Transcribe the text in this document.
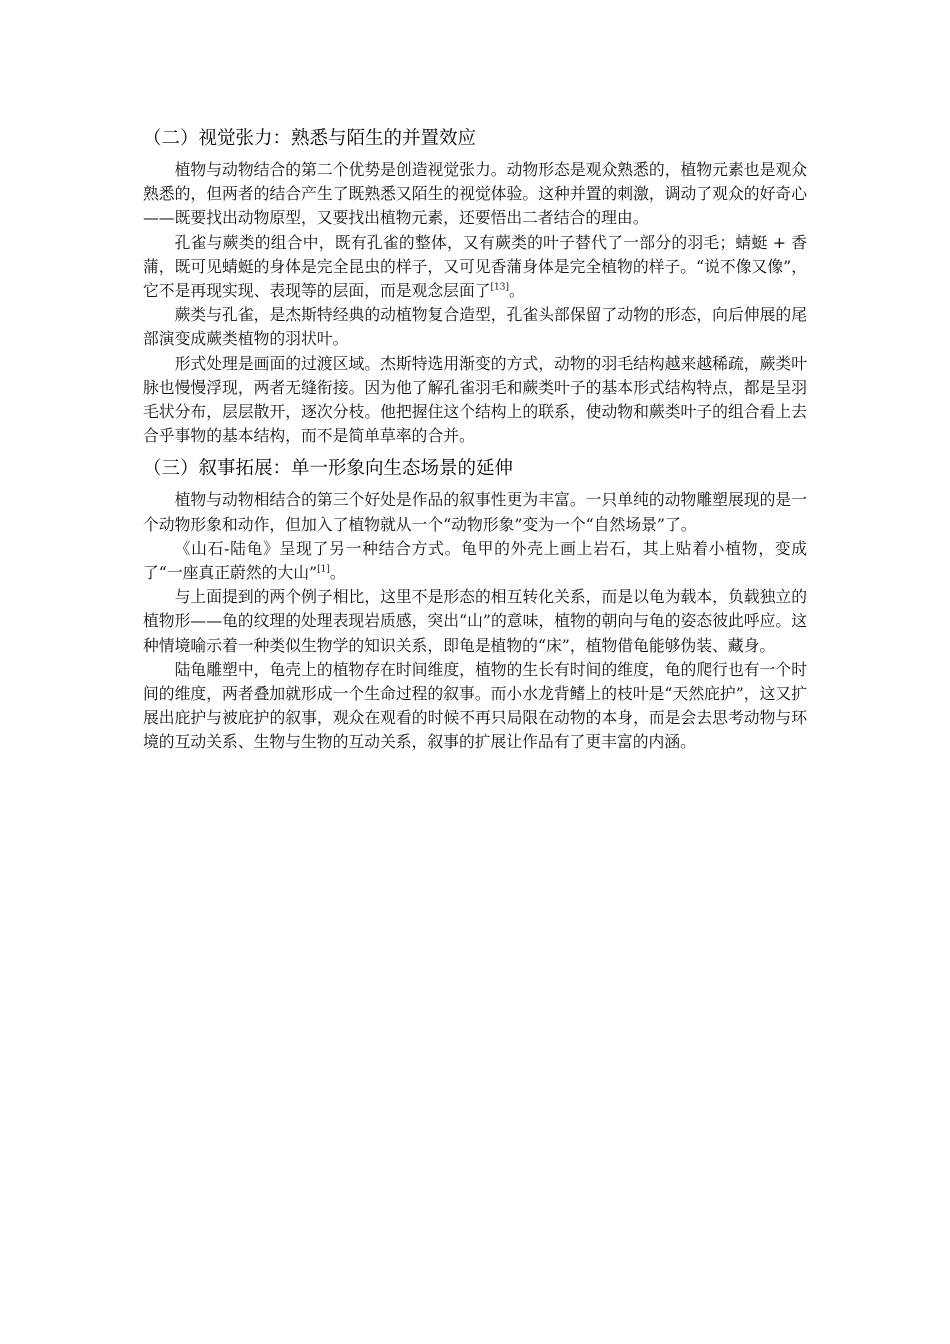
（二）视觉张力：熟悉与陌生的并置效应

植物与动物结合的第二个优势是创造视觉张力。动物形态是观众熟悉的，植物元素也是观众熟悉的，但两者的结合产生了既熟悉又陌生的视觉体验。这种并置的刺激，调动了观众的好奇心——既要找出动物原型，又要找出植物元素，还要悟出二者结合的理由。

孔雀与蕨类的组合中，既有孔雀的整体，又有蕨类的叶子替代了一部分的羽毛；蜻蜓 + 香蒲，既可见蜻蜓的身体是完全昆虫的样子，又可见香蒲身体是完全植物的样子。“说不像又像”，它不是再现实现、表现等的层面，而是观念层面了[13]。

蕨类与孔雀，是杰斯特经典的动植物复合造型，孔雀头部保留了动物的形态，向后伸展的尾部演变成蕨类植物的羽状叶。

形式处理是画面的过渡区域。杰斯特选用渐变的方式，动物的羽毛结构越来越稀疏，蕨类叶脉也慢慢浮现，两者无缝衔接。因为他了解孔雀羽毛和蕨类叶子的基本形式结构特点，都是呈羽毛状分布，层层散开，逐次分枝。他把握住这个结构上的联系，使动物和蕨类叶子的组合看上去合乎事物的基本结构，而不是简单草率的合并。

（三）叙事拓展：单一形象向生态场景的延伸

植物与动物相结合的第三个好处是作品的叙事性更为丰富。一只单纯的动物雕塑展现的是一个动物形象和动作，但加入了植物就从一个“动物形象”变为一个“自然场景”了。

《山石-陆龟》呈现了另一种结合方式。龟甲的外壳上画上岩石，其上贴着小植物，变成了“一座真正蔚然的大山”[1]。

与上面提到的两个例子相比，这里不是形态的相互转化关系，而是以龟为载本，负载独立的植物形——龟的纹理的处理表现岩质感，突出“山”的意味，植物的朝向与龟的姿态彼此呼应。这种情境喻示着一种类似生物学的知识关系，即龟是植物的“床”，植物借龟能够伪装、藏身。

陆龟雕塑中，龟壳上的植物存在时间维度，植物的生长有时间的维度，龟的爬行也有一个时间的维度，两者叠加就形成一个生命过程的叙事。而小水龙背鳍上的枝叶是“天然庇护”，这又扩展出庇护与被庇护的叙事，观众在观看的时候不再只局限在动物的本身，而是会去思考动物与环境的互动关系、生物与生物的互动关系，叙事的扩展让作品有了更丰富的内涵。
